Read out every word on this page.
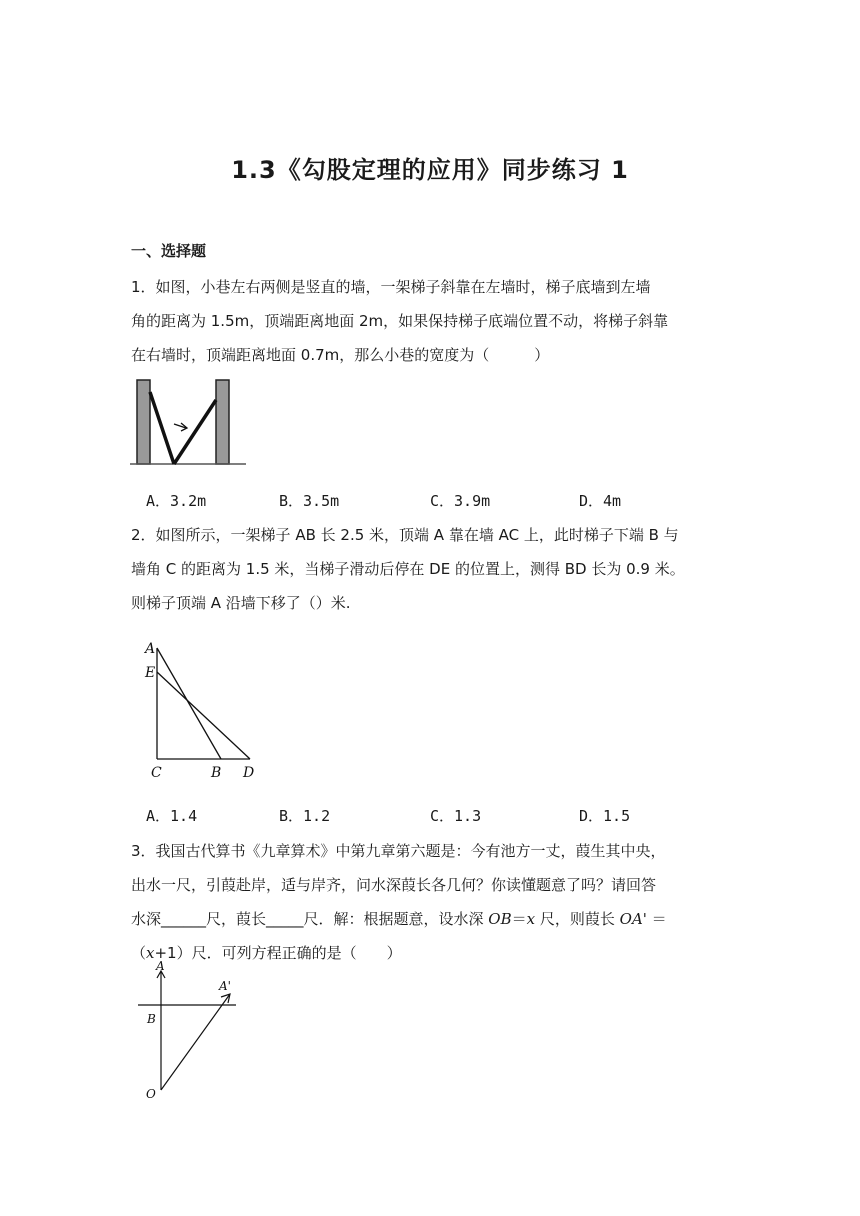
1.3《勾股定理的应用》同步练习 1
一、选择题
1．如图，小巷左右两侧是竖直的墙，一架梯子斜靠在左墙时，梯子底墙到左墙
角的距离为 1.5m，顶端距离地面 2m，如果保持梯子底端位置不动，将梯子斜靠
在右墙时，顶端距离地面 0.7m，那么小巷的宽度为（　　　）
A．3.2m	B．3.5m	C．3.9m	D．4m
2．如图所示，一架梯子 AB 长 2.5 米，顶端 A 靠在墙 AC 上，此时梯子下端 B 与
墙角 C 的距离为 1.5 米，当梯子滑动后停在 DE 的位置上，测得 BD 长为 0.9 米。
则梯子顶端 A 沿墙下移了（）米.
A
E
C	B D
A．1.4	B．1.2	C．1.3	D．1.5
3．我国古代算书《九章算术》中第九章第六题是：今有池方一丈，葭生其中央，
出水一尺，引葭赴岸，适与岸齐，问水深葭长各几何？你读懂题意了吗？请回答
水深______尺，葭长_____尺．解：根据题意，设水深 OB＝x 尺，则葭长 OA' ＝
（x+1）尺．可列方程正确的是（　　）
A
A'
B
O
